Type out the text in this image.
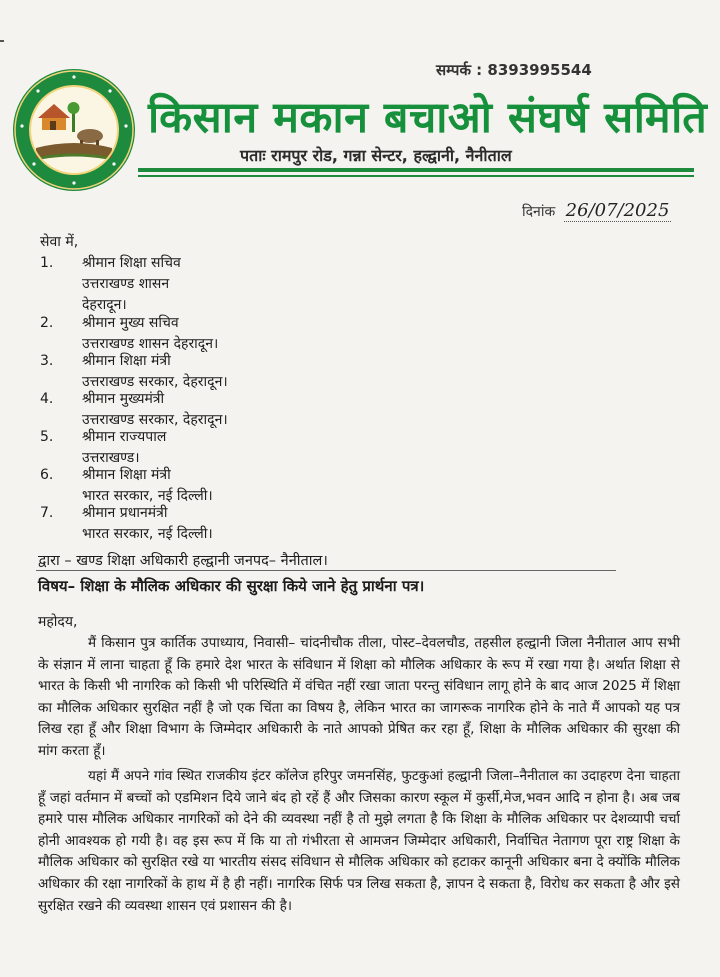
सम्पर्क : 8393995544
किसान मकान बचाओ संघर्ष समिति
पताः रामपुर रोड, गन्ना सेन्टर, हल्द्वानी, नैनीताल
दिनांक 26/07/2025
सेवा में,
1.	श्रीमान शिक्षा सचिव
उत्तराखण्ड शासन
देहरादून।
2.	श्रीमान मुख्य सचिव
उत्तराखण्ड शासन देहरादून।
3.	श्रीमान शिक्षा मंत्री
उत्तराखण्ड सरकार, देहरादून।
4.	श्रीमान मुख्यमंत्री
उत्तराखण्ड सरकार, देहरादून।
5.	श्रीमान राज्यपाल
उत्तराखण्ड।
6.	श्रीमान शिक्षा मंत्री
भारत सरकार, नई दिल्ली।
7.	श्रीमान प्रधानमंत्री
भारत सरकार, नई दिल्ली।
द्वारा – खण्ड शिक्षा अधिकारी हल्द्वानी जनपद– नैनीताल।
विषय– शिक्षा के मौलिक अधिकार की सुरक्षा किये जाने हेतु प्रार्थना पत्र।
महोदय,
मैं किसान पुत्र कार्तिक उपाध्याय, निवासी– चांदनीचौक तीला, पोस्ट–देवलचौड, तहसील हल्द्वानी जिला नैनीताल आप सभी के संज्ञान में लाना चाहता हूँ कि हमारे देश भारत के संविधान में शिक्षा को मौलिक अधिकार के रूप में रखा गया है। अर्थात शिक्षा से भारत के किसी भी नागरिक को किसी भी परिस्थिति में वंचित नहीं रखा जाता परन्तु संविधान लागू होने के बाद आज 2025 में शिक्षा का मौलिक अधिकार सुरक्षित नहीं है जो एक चिंता का विषय है, लेकिन भारत का जागरूक नागरिक होने के नाते मैं आपको यह पत्र लिख रहा हूँ और शिक्षा विभाग के जिम्मेदार अधिकारी के नाते आपको प्रेषित कर रहा हूँ, शिक्षा के मौलिक अधिकार की सुरक्षा की मांग करता हूँ।
यहां मैं अपने गांव स्थित राजकीय इंटर कॉलेज हरिपुर जमनसिंह, फुटकुआं हल्द्वानी जिला–नैनीताल का उदाहरण देना चाहता हूँ जहां वर्तमान में बच्चों को एडमिशन दिये जाने बंद हो रहें हैं और जिसका कारण स्कूल में कुर्सी,मेज,भवन आदि न होना है। अब जब हमारे पास मौलिक अधिकार नागरिकों को देने की व्यवस्था नहीं है तो मुझे लगता है कि शिक्षा के मौलिक अधिकार पर देशव्यापी चर्चा होनी आवश्यक हो गयी है। वह इस रूप में कि या तो गंभीरता से आमजन जिम्मेदार अधिकारी, निर्वाचित नेतागण पूरा राष्ट्र शिक्षा के मौलिक अधिकार को सुरक्षित रखे या भारतीय संसद संविधान से मौलिक अधिकार को हटाकर कानूनी अधिकार बना दे क्योंकि मौलिक अधिकार की रक्षा नागरिकों के हाथ में है ही नहीं। नागरिक सिर्फ पत्र लिख सकता है, ज्ञापन दे सकता है, विरोध कर सकता है और इसे सुरक्षित रखने की व्यवस्था शासन एवं प्रशासन की है।
